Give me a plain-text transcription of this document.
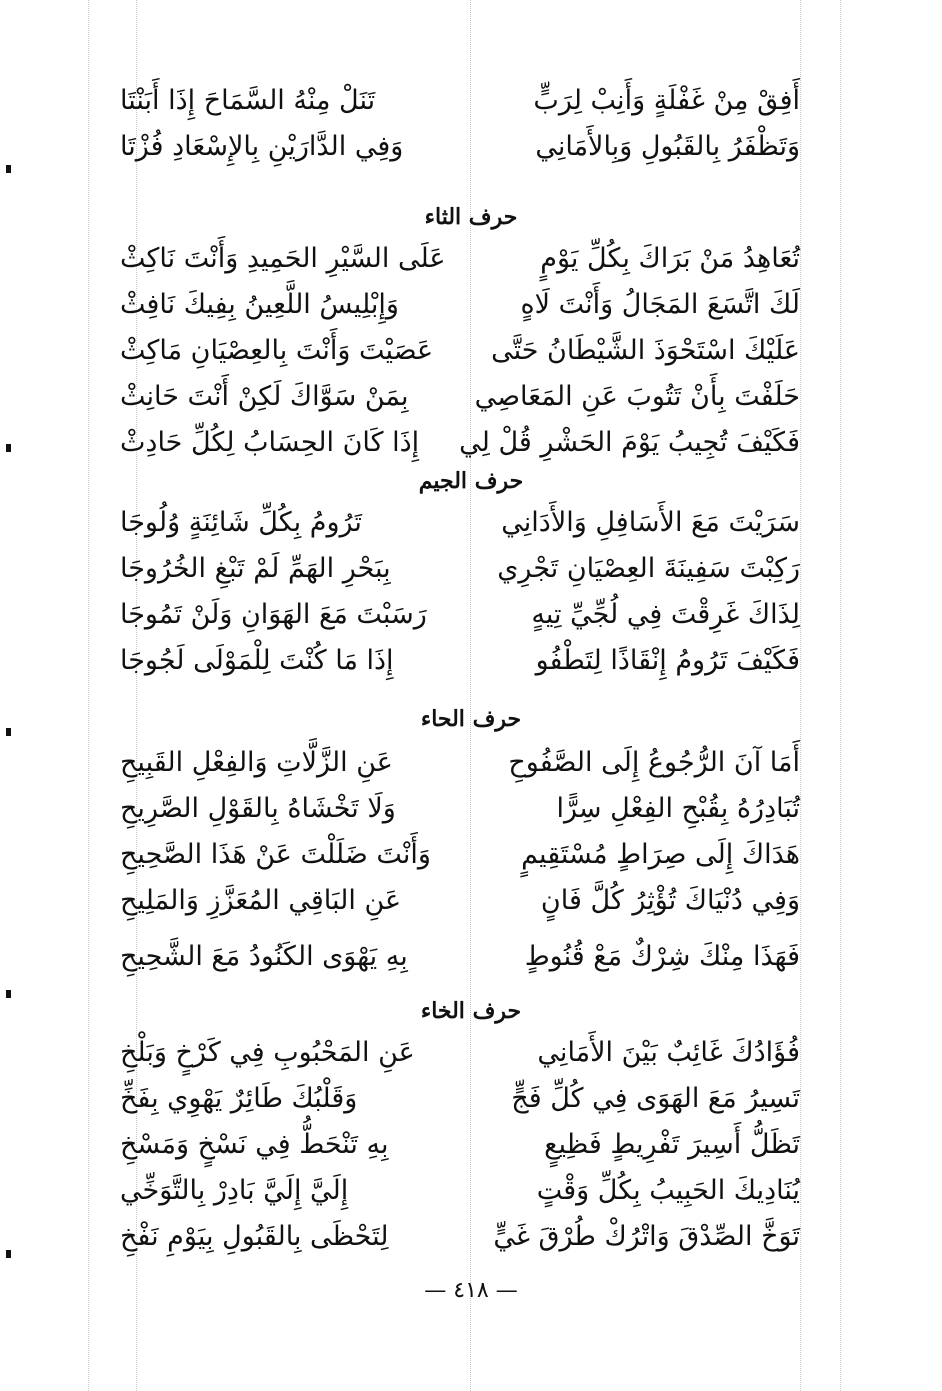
أَفِقْ مِنْ غَفْلَةٍ وَأَنِبْ لِرَبٍّ
تَنَلْ مِنْهُ السَّمَاحَ إِذَا أَبَنْتَا
وَتَظْفَرُ بِالقَبُولِ وَبِالأَمَانِي
وَفِي الدَّارَيْنِ بِالإِسْعَادِ فُزْتَا
حرف الثاء
تُعَاهِدُ مَنْ بَرَاكَ بِكُلِّ يَوْمٍ
عَلَى السَّيْرِ الحَمِيدِ وَأَنْتَ نَاكِثْ
لَكَ اتَّسَعَ المَجَالُ وَأَنْتَ لَاهٍ
وَإِبْلِيسُ اللَّعِينُ بِفِيكَ نَافِثْ
عَلَيْكَ اسْتَحْوَذَ الشَّيْطَانُ حَتَّى
عَصَيْتَ وَأَنْتَ بِالعِصْيَانِ مَاكِثْ
حَلَفْتَ بِأَنْ تَتُوبَ عَنِ المَعَاصِي
بِمَنْ سَوَّاكَ لَكِنْ أَنْتَ حَانِثْ
فَكَيْفَ تُجِيبُ يَوْمَ الحَشْرِ قُلْ لِي
إِذَا كَانَ الحِسَابُ لِكُلِّ حَادِثْ
حرف الجيم
سَرَيْتَ مَعَ الأَسَافِلِ وَالأَدَانِي
تَرُومُ بِكُلِّ شَائِنَةٍ وُلُوجَا
رَكِبْتَ سَفِينَةَ العِصْيَانِ تَجْرِي
بِبَحْرِ الهَمِّ لَمْ تَبْغِ الخُرُوجَا
لِذَاكَ غَرِقْتَ فِي لُجِّيِّ تِيهٍ
رَسَبْتَ مَعَ الهَوَانِ وَلَنْ تَمُوجَا
فَكَيْفَ تَرُومُ إِنْقَاذًا لِتَطْفُو
إِذَا مَا كُنْتَ لِلْمَوْلَى لَجُوجَا
حرف الحاء
أَمَا آنَ الرُّجُوعُ إِلَى الصَّفُوحِ
عَنِ الزَّلَّاتِ وَالفِعْلِ القَبِيحِ
تُبَادِرُهُ بِقُبْحِ الفِعْلِ سِرًّا
وَلَا تَخْشَاهُ بِالقَوْلِ الصَّرِيحِ
هَدَاكَ إِلَى صِرَاطٍ مُسْتَقِيمٍ
وَأَنْتَ ضَلَلْتَ عَنْ هَذَا الصَّحِيحِ
وَفِي دُنْيَاكَ تُؤْثِرُ كُلَّ فَانٍ
عَنِ البَاقِي المُعَزَّزِ وَالمَلِيحِ
فَهَذَا مِنْكَ شِرْكٌ مَعْ قُنُوطٍ
بِهِ يَهْوَى الكَنُودُ مَعَ الشَّحِيحِ
حرف الخاء
فُؤَادُكَ غَائِبٌ بَيْنَ الأَمَانِي
عَنِ المَحْبُوبِ فِي كَرْخٍ وَبَلْخِ
تَسِيرُ مَعَ الهَوَى فِي كُلِّ فَجٍّ
وَقَلْبُكَ طَائِرٌ يَهْوِي بِفَخِّ
تَظَلُّ أَسِيرَ تَفْرِيطٍ فَظِيعٍ
بِهِ تَنْحَطُّ فِي نَسْخٍ وَمَسْخِ
يُنَادِيكَ الحَبِيبُ بِكُلِّ وَقْتٍ
إِلَيَّ إِلَيَّ بَادِرْ بِالتَّوَخِّي
تَوَخَّ الصِّدْقَ وَاتْرُكْ طُرْقَ غَيٍّ
لِتَحْظَى بِالقَبُولِ بِيَوْمِ نَفْخِ
— ٤١٨ —
